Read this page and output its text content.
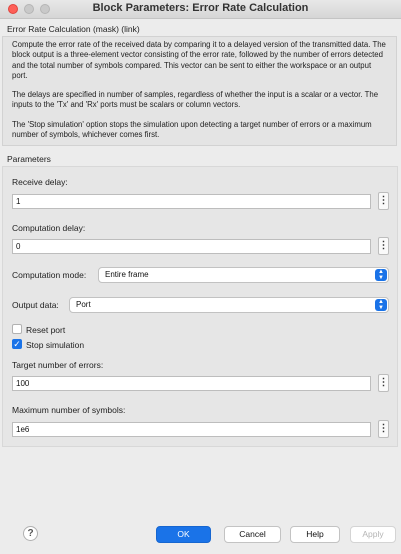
Block Parameters: Error Rate Calculation
Error Rate Calculation (mask) (link)

Compute the error rate of the received data by comparing it to a delayed version of the transmitted data. The block output is a three-element vector consisting of the error rate, followed by the number of errors detected and the total number of symbols compared. This vector can be sent to either the workspace or an output port.

The delays are specified in number of samples, regardless of whether the input is a scalar or a vector. The inputs to the 'Tx' and 'Rx' ports must be scalars or column vectors.

The 'Stop simulation' option stops the simulation upon detecting a target number of errors or a maximum number of symbols, whichever comes first.

Parameters
Receive delay:
1	⋮
Computation delay:
0	⋮
Computation mode:	Entire frame	▲
▼
Output data:	Port	▲
▼
Reset port
✓ Stop simulation
Target number of errors:
100	⋮
Maximum number of symbols:
1e6	⋮
?	OK	Cancel	Help	Apply
